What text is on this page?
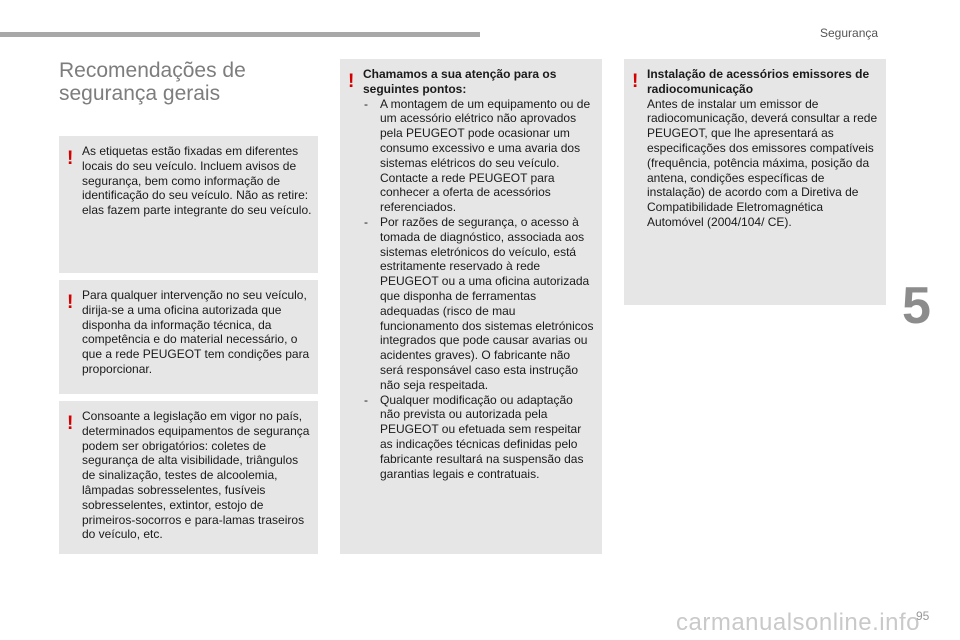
Segurança
5
Recomendações de
segurança gerais
! As etiquetas estão fixadas em diferentes locais do seu veículo. Incluem avisos de segurança, bem como informação de identificação do seu veículo. Não as retire: elas fazem parte integrante do seu veículo.

! Para qualquer intervenção no seu veículo, dirija-se a uma oficina autorizada que disponha da informação técnica, da competência e do material necessário, o que a rede PEUGEOT tem condições para proporcionar.

! Consoante a legislação em vigor no país, determinados equipamentos de segurança podem ser obrigatórios: coletes de segurança de alta visibilidade, triângulos de sinalização, testes de alcoolemia, lâmpadas sobresselentes, fusíveis sobresselentes, extintor, estojo de primeiros-socorros e para-lamas traseiros do veículo, etc.

! Chamamos a sua atenção para os seguintes pontos:

- A montagem de um equipamento ou de um acessório elétrico não aprovados pela PEUGEOT pode ocasionar um consumo excessivo e uma avaria dos sistemas elétricos do seu veículo. Contacte a rede PEUGEOT para conhecer a oferta de acessórios referenciados.
- Por razões de segurança, o acesso à tomada de diagnóstico, associada aos sistemas eletrónicos do veículo, está estritamente reservado à rede PEUGEOT ou a uma oficina autorizada que disponha de ferramentas adequadas (risco de mau funcionamento dos sistemas eletrónicos integrados que pode causar avarias ou acidentes graves). O fabricante não será responsável caso esta instrução não seja respeitada.
- Qualquer modificação ou adaptação não prevista ou autorizada pela PEUGEOT ou efetuada sem respeitar as indicações técnicas definidas pelo fabricante resultará na suspensão das garantias legais e contratuais.
! Instalação de acessórios emissores de radiocomunicação

Antes de instalar um emissor de radiocomunicação, deverá consultar a rede PEUGEOT, que lhe apresentará as especificações dos emissores compatíveis (frequência, potência máxima, posição da antena, condições específicas de instalação) de acordo com a Diretiva de Compatibilidade Eletromagnética Automóvel (2004/104/ CE).

carmanualsonline.info
95
